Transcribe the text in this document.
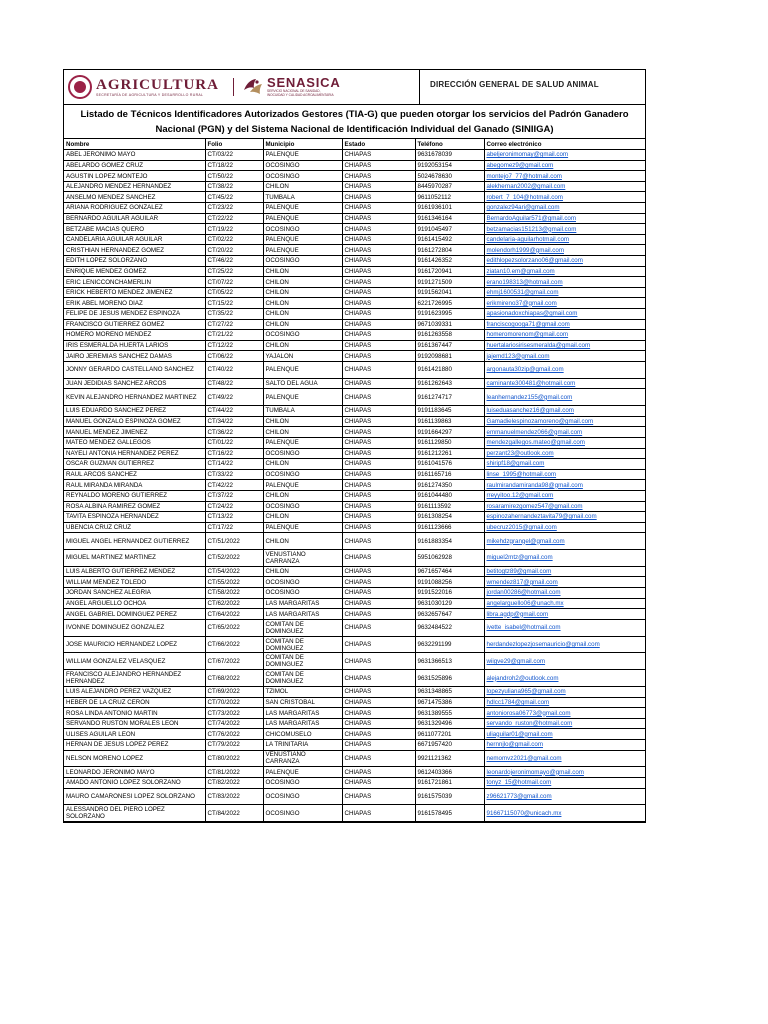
AGRICULTURA
SECRETARÍA DE AGRICULTURA Y DESARROLLO RURAL
SENASICA
SERVICIO NACIONAL DE SANIDAD,
INOCUIDAD Y CALIDAD AGROALIMENTARIA
DIRECCIÓN GENERAL DE SALUD ANIMAL
Listado de Técnicos Identificadores Autorizados Gestores (TIA-G) que pueden otorgar los servicios del Padrón Ganadero Nacional (PGN) y del Sistema Nacional de Identificación Individual del Ganado (SINIIGA)
Nombre	Folio	Municipio	Estado	Teléfono	Correo electrónico
ABEL JERONIMO MAYO	CT/03/22	PALENQUE	CHIAPAS	9631678039	abeljeronimomay@gmail.com
ABELARDO GOMEZ CRUZ	CT/18/22	OCOSINGO	CHIAPAS	9192053154	abegomez9@gmail.com
AGUSTIN LOPEZ MONTEJO	CT/50/22	OCOSINGO	CHIAPAS	5024678630	montejo7_77@hotmail.com
ALEJANDRO MENDEZ HERNANDEZ	CT/38/22	CHILON	CHIAPAS	8445970287	alekhernan2002@gmail.com
ANSELMO MENDEZ SANCHEZ	CT/45/22	TUMBALA	CHIAPAS	9611052112	robert_7_104@hotmail.com
ARIANA RODRIGUEZ GONZALEZ	CT/23/22	PALENQUE	CHIAPAS	9161936101	gonzalez94ari@gmail.com
BERNARDO AGUILAR AGUILAR	CT/22/22	PALENQUE	CHIAPAS	9161346164	BernardoAguilar571@gmail.com
BETZABE MACIAS QUERO	CT/19/22	OCOSINGO	CHIAPAS	9191045497	betzamacias151213@gmail.com
CANDELARIA AGUILAR AGUILAR	CT/02/22	PALENQUE	CHIAPAS	9161415492	candelaria-aguilarhotmail.com
CRISTHIAN HERNANDEZ GOMEZ	CT/20/22	PALENQUE	CHIAPAS	9161272804	molendorh1999@gmail.com
EDITH LOPEZ SOLORZANO	CT/46/22	OCOSINGO	CHIAPAS	9161426352	edithlopezsolorzano06@gmail.com
ENRIQUE MENDEZ GOMEZ	CT/25/22	CHILON	CHIAPAS	9161720941	ziatan10.em@gmail.com
ERIC LENICCONCHAMERLIN	CT/07/22	CHILON	CHIAPAS	9191271509	erano198313@hotmail.com
ERICK HEBERTO MENDEZ JIMENEZ	CT/05/22	CHILON	CHIAPAS	9191562041	ehmj1600531@gmail.com
ERIK ABEL MORENO DIAZ	CT/15/22	CHILON	CHIAPAS	6221726995	erikmireno37@gmail.com
FELIPE DE JESUS MENDEZ ESPINOZA	CT/35/22	CHILON	CHIAPAS	9191623995	apasionadoxchiapas@gmail.com
FRANCISCO GUTIERREZ GOMEZ	CT/27/22	CHILON	CHIAPAS	9671039331	franciscogooga71@gmail.com
HOMERO MORENO MENDEZ	CT/21/22	OCOSINGO	CHIAPAS	9161263558	homeromorenom@gmail.com
IRIS ESMERALDA HUERTA LARIOS	CT/12/22	CHILON	CHIAPAS	9161367447	huertalariosirisesmeralda@gmail.com
JAIRO JEREMIAS SANCHEZ DAMAS	CT/06/22	YAJALON	CHIAPAS	9192098681	jajemd123@gmail.com
JONNY GERARDO CASTELLANO SANCHEZ	CT/40/22	PALENQUE	CHIAPAS	9161421880	argonauta30zip@gmail.com
JUAN JEDIDIAS SANCHEZ ARCOS	CT/48/22	SALTO DEL AGUA	CHIAPAS	9161262643	caminante300481@hotmail.com
KEVIN ALEJANDRO HERNANDEZ MARTINEZ	CT/49/22	PALENQUE	CHIAPAS	9161274717	leanhernandez155@gmail.com
LUIS EDUARDO SANCHEZ PEREZ	CT/44/22	TUMBALA	CHIAPAS	9191183645	luiseduasanchez16@gmail.com
MANUEL GONZALO ESPINOZA GOMEZ	CT/34/22	CHILON	CHIAPAS	9161139863	Gamadielespinozamoreno@gmail.com
MANUEL MENDEZ JIMENEZ	CT/36/22	CHILON	CHIAPAS	9191664297	emmanuelmendez066@gmail.com
MATEO MENDEZ GALLEGOS	CT/01/22	PALENQUE	CHIAPAS	9161129850	mendezgallegos.mateo@gmail.com
NAYELI ANTONIA HERNANDEZ PEREZ	CT/16/22	OCOSINGO	CHIAPAS	9161212261	perzant23@outlook.com
OSCAR GUZMAN GUTIERREZ	CT/14/22	CHILON	CHIAPAS	9161041576	shiripf18@gmail.com
RAUL ARCOS SANCHEZ	CT/33/22	OCOSINGO	CHIAPAS	9161165716	linse_1995@hotmail.com
RAUL MIRANDA MIRANDA	CT/42/22	PALENQUE	CHIAPAS	9161274350	raulmirandamiranda98@gmail.com
REYNALDO MORENO GUTIERREZ	CT/37/22	CHILON	CHIAPAS	9161044480	rreyyitoo.12@gmail.com
ROSA ALBINA RAMIREZ GOMEZ	CT/24/22	OCOSINGO	CHIAPAS	9161113592	rosaramirezgomez547@gmail.com
TAVITA ESPINOZA HERNANDEZ	CT/13/22	CHILON	CHIAPAS	9161308254	espinozahernandeztavita79@gmail.com
UBENCIA CRUZ CRUZ	CT/17/22	PALENQUE	CHIAPAS	9161123666	ubecruz2015@gmail.com
MIGUEL ANGEL HERNANDEZ GUTIERREZ	CT/51/2022	CHILON	CHIAPAS	9161883354	mikehdzgrangel@gmail.com
MIGUEL MARTINEZ MARTINEZ	CT/52/2022	VENUSTIANO CARRANZA	CHIAPAS	5951062928	miguel2mtz@gmail.com
LUIS ALBERTO GUTIERREZ MENDEZ	CT/54/2022	CHILON	CHIAPAS	9671657464	betitogtz89@gmail.com
WILLIAM MENDEZ TOLEDO	CT/55/2022	OCOSINGO	CHIAPAS	9191088256	wmendez817@gmail.com
JORDAN SANCHEZ ALEGRIA	CT/58/2022	OCOSINGO	CHIAPAS	9191522016	jordan00286@hotmail.com
ANGEL ARGUELLO OCHOA	CT/62/2022	LAS MARGARITAS	CHIAPAS	9631030129	angelarguello06@unach.mx
ANGEL GABRIEL DOMINGUEZ PEREZ	CT/64/2022	LAS MARGARITAS	CHIAPAS	9632657647	libra.agdp@gmail.com
IVONNE DOMINGUEZ GONZALEZ	CT/65/2022	COMITAN DE DOMINGUEZ	CHIAPAS	9632484522	ivette_isabel@hotmail.com
JOSE MAURICIO HERNANDEZ LOPEZ	CT/66/2022	COMITAN DE DOMINGUEZ	CHIAPAS	9632291199	herdandezlopezjosemauricio@gmail.com
WILLIAM GONZALEZ VELASQUEZ	CT/67/2022	COMITAN DE DOMINGUEZ	CHIAPAS	9631366513	wiigve29@gmail.com
FRANCISCO ALEJANDRO HERNANDEZ HERNANDEZ	CT/68/2022	COMITAN DE DOMINGUEZ	CHIAPAS	9631525896	alejandroh2@outlook.com
LUIS ALEJANDRO PEREZ VAZQUEZ	CT/69/2022	TZIMOL	CHIAPAS	9631348865	lopezyuliana965@gmail.com
HEBER DE LA CRUZ CERON	CT/70/2022	SAN CRISTOBAL	CHIAPAS	9671475386	hdlcc1784@gmail.com
ROSA LINDA ANTONIO MARTIN	CT/73/2022	LAS MARGARITAS	CHIAPAS	9631389555	antoniorosa06773@gmail.com
SERVANDO RUSTON MORALES LEON	CT/74/2022	LAS MARGARITAS	CHIAPAS	9631329496	servando_ruston@hotmail.com
ULISES AGUILAR LEON	CT/76/2022	CHICOMUSELO	CHIAPAS	9611077201	uliaguilar01@gmail.com
HERNAN DE JESUS LOPEZ PEREZ	CT/79/2022	LA TRINITARIA	CHIAPAS	6671957420	hernnjlo@gmail.com
NELSON MORENO LOPEZ	CT/80/2022	VENUSTIANO CARRANZA	CHIAPAS	9921121362	nemomvz2021@gmail.com
LEONARDO JERONIMO MAYO	CT/81/2022	PALENQUE	CHIAPAS	9612403366	leonardojeronimomayo@gmail.com
AMADO ANTONIO LOPEZ SOLORZANO	CT/82/2022	OCOSINGO	CHIAPAS	9161721861	tonyz_15@hotmail.com
MAURO CAMARONESI LOPEZ SOLORZANO	CT/83/2022	OCOSINGO	CHIAPAS	9161575039	z96621773@gmail.com
ALESSANDRO DEL PIERO LOPEZ SOLORZANO	CT/84/2022	OCOSINGO	CHIAPAS	9161578495	91667115070@unicach.mx
